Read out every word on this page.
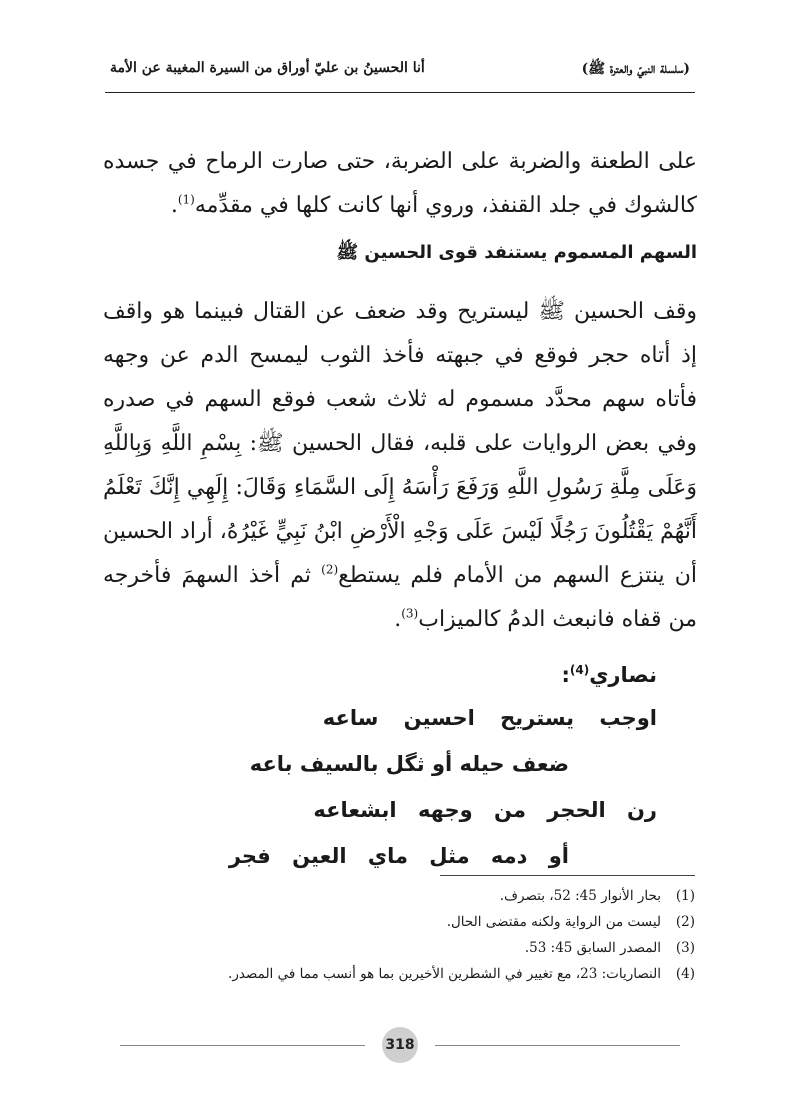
(سلسلة النبيّ والعترة ﷺ)
أنا الحسينُ بن عليّ أوراق من السيرة المغيبة عن الأمة

على الطعنة والضربة على الضربة، حتى صارت الرماح في جسده كالشوك في جلد القنفذ، وروي أنها كانت كلها في مقدِّمه$^{(1)}$.

السهم المسموم يستنفد قوى الحسين ﷺ

وقف الحسين ﷺ ليستريح وقد ضعف عن القتال فبينما هو واقف إذ أتاه حجر فوقع في جبهته فأخذ الثوب ليمسح الدم عن وجهه فأتاه سهم محدَّد مسموم له ثلاث شعب فوقع السهم في صدره وفي بعض الروايات على قلبه، فقال الحسين ﷺ: بِسْمِ اللَّهِ وَبِاللَّهِ وَعَلَى مِلَّةِ رَسُولِ اللَّهِ وَرَفَعَ رَأْسَهُ إِلَى السَّمَاءِ وَقَالَ: إِلَهِي إِنَّكَ تَعْلَمُ أَنَّهُمْ يَقْتُلُونَ رَجُلًا لَيْسَ عَلَى وَجْهِ الْأَرْضِ ابْنُ نَبِيٍّ غَيْرُهُ، أراد الحسين أن ينتزع السهم من الأمام فلم يستطع$^{(2)}$ ثم أخذ السهمَ فأخرجه من قفاه فانبعث الدمُ كالميزاب$^{(3)}$.

نصاري$^{(4)}$:
اوجب يستريح احسين ساعه
ضعف حيله أو ثگل بالسيف باعه
رن الحجر من وجهه ابشعاعه
أو دمه مثل ماي العين فجر
(1)بحار الأنوار 45: 52، بتصرف.
(2)ليست من الرواية ولكنه مقتضى الحال.
(3)المصدر السابق 45: 53.
(4)النصاريات: 23، مع تغيير في الشطرين الأخيرين بما هو أنسب مما في المصدر.
318
